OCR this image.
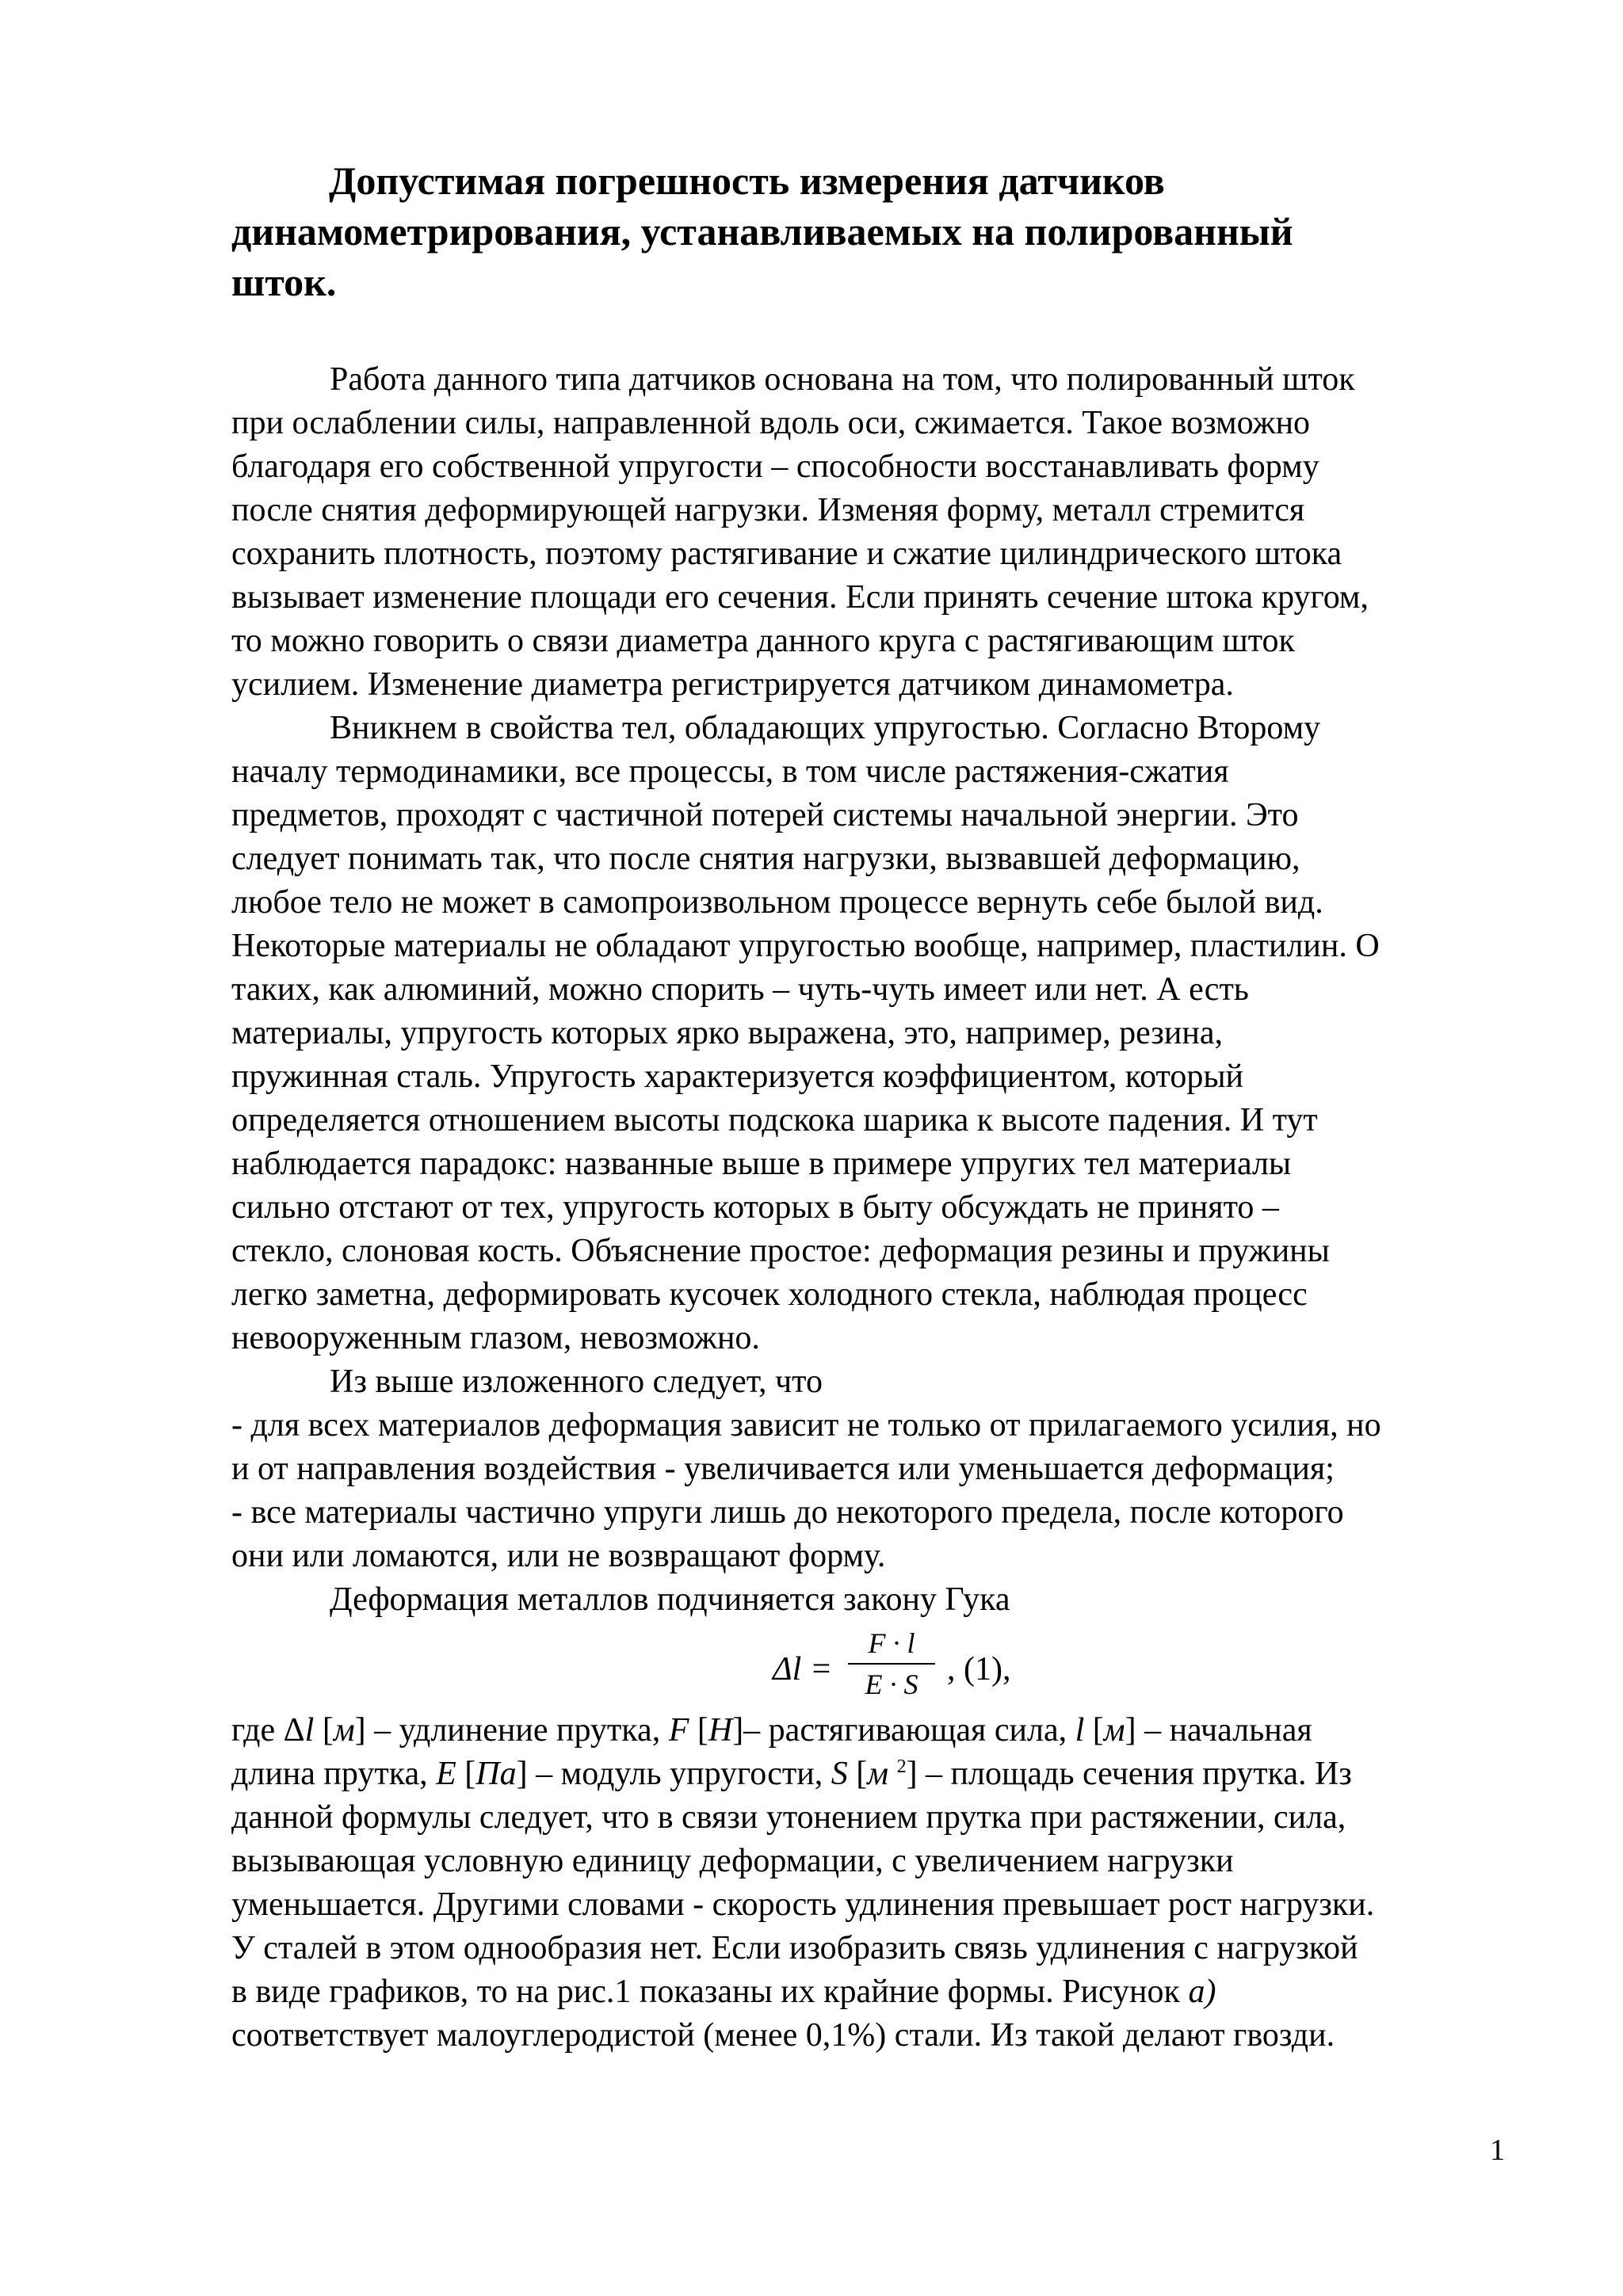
Допустимая погрешность измерения датчиков
динамометрирования, устанавливаемых на полированный
шток.

Работа данного типа датчиков основана на том, что полированный шток
при ослаблении силы, направленной вдоль оси, сжимается. Такое возможно
благодаря его собственной упругости – способности восстанавливать форму
после снятия деформирующей нагрузки. Изменяя форму, металл стремится
сохранить плотность, поэтому растягивание и сжатие цилиндрического штока
вызывает изменение площади его сечения. Если принять сечение штока кругом,
то можно говорить о связи диаметра данного круга с растягивающим шток
усилием. Изменение диаметра регистрируется датчиком динамометра.

Вникнем в свойства тел, обладающих упругостью. Согласно Второму
началу термодинамики, все процессы, в том числе растяжения-сжатия
предметов, проходят с частичной потерей системы начальной энергии. Это
следует понимать так, что после снятия нагрузки, вызвавшей деформацию,
любое тело не может в самопроизвольном процессе вернуть себе былой вид.
Некоторые материалы не обладают упругостью вообще, например, пластилин. О
таких, как алюминий, можно спорить – чуть-чуть имеет или нет. А есть
материалы, упругость которых ярко выражена, это, например, резина,
пружинная сталь. Упругость характеризуется коэффициентом, который
определяется отношением высоты подскока шарика к высоте падения. И тут
наблюдается парадокс: названные выше в примере упругих тел материалы
сильно отстают от тех, упругость которых в быту обсуждать не принято –
стекло, слоновая кость. Объяснение простое: деформация резины и пружины
легко заметна, деформировать кусочек холодного стекла, наблюдая процесс
невооруженным глазом, невозможно.

Из выше изложенного следует, что
- для всех материалов деформация зависит не только от прилагаемого усилия, но
и от направления воздействия - увеличивается или уменьшается деформация;
- все материалы частично упруги лишь до некоторого предела, после которого
они или ломаются, или не возвращают форму.

Деформация металлов подчиняется закону Гука

Δl =
F · l
E · S , (1),

где Δl [м] – удлинение прутка, F [Н]– растягивающая сила, l [м] – начальная
длина прутка, E [Па] – модуль упругости, S [м $^2$] – площадь сечения прутка. Из
данной формулы следует, что в связи утонением прутка при растяжении, сила,
вызывающая условную единицу деформации, с увеличением нагрузки
уменьшается. Другими словами - скорость удлинения превышает рост нагрузки.
У сталей в этом однообразия нет. Если изобразить связь удлинения с нагрузкой
в виде графиков, то на рис.1 показаны их крайние формы. Рисунок а)
соответствует малоуглеродистой (менее 0,1%) стали. Из такой делают гвозди.

1
